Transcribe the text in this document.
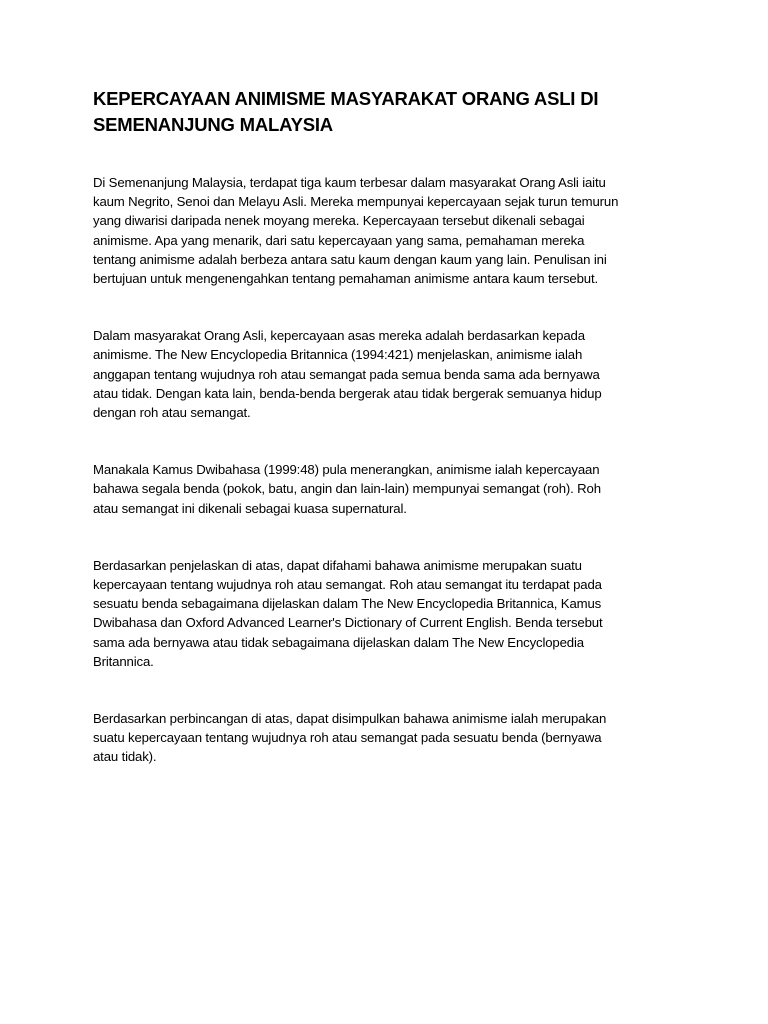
KEPERCAYAAN ANIMISME MASYARAKAT ORANG ASLI DI
SEMENANJUNG MALAYSIA

Di Semenanjung Malaysia, terdapat tiga kaum terbesar dalam masyarakat Orang Asli iaitu
kaum Negrito, Senoi dan Melayu Asli. Mereka mempunyai kepercayaan sejak turun temurun
yang diwarisi daripada nenek moyang mereka. Kepercayaan tersebut dikenali sebagai
animisme. Apa yang menarik, dari satu kepercayaan yang sama, pemahaman mereka
tentang animisme adalah berbeza antara satu kaum dengan kaum yang lain. Penulisan ini
bertujuan untuk mengenengahkan tentang pemahaman animisme antara kaum tersebut.

Dalam masyarakat Orang Asli, kepercayaan asas mereka adalah berdasarkan kepada
animisme. The New Encyclopedia Britannica (1994:421) menjelaskan, animisme ialah
anggapan tentang wujudnya roh atau semangat pada semua benda sama ada bernyawa
atau tidak. Dengan kata lain, benda-benda bergerak atau tidak bergerak semuanya hidup
dengan roh atau semangat.

Manakala Kamus Dwibahasa (1999:48) pula menerangkan, animisme ialah kepercayaan
bahawa segala benda (pokok, batu, angin dan lain-lain) mempunyai semangat (roh). Roh
atau semangat ini dikenali sebagai kuasa supernatural.

Berdasarkan penjelaskan di atas, dapat difahami bahawa animisme merupakan suatu
kepercayaan tentang wujudnya roh atau semangat. Roh atau semangat itu terdapat pada
sesuatu benda sebagaimana dijelaskan dalam The New Encyclopedia Britannica, Kamus
Dwibahasa dan Oxford Advanced Learner's Dictionary of Current English. Benda tersebut
sama ada bernyawa atau tidak sebagaimana dijelaskan dalam The New Encyclopedia
Britannica.

Berdasarkan perbincangan di atas, dapat disimpulkan bahawa animisme ialah merupakan
suatu kepercayaan tentang wujudnya roh atau semangat pada sesuatu benda (bernyawa
atau tidak).
